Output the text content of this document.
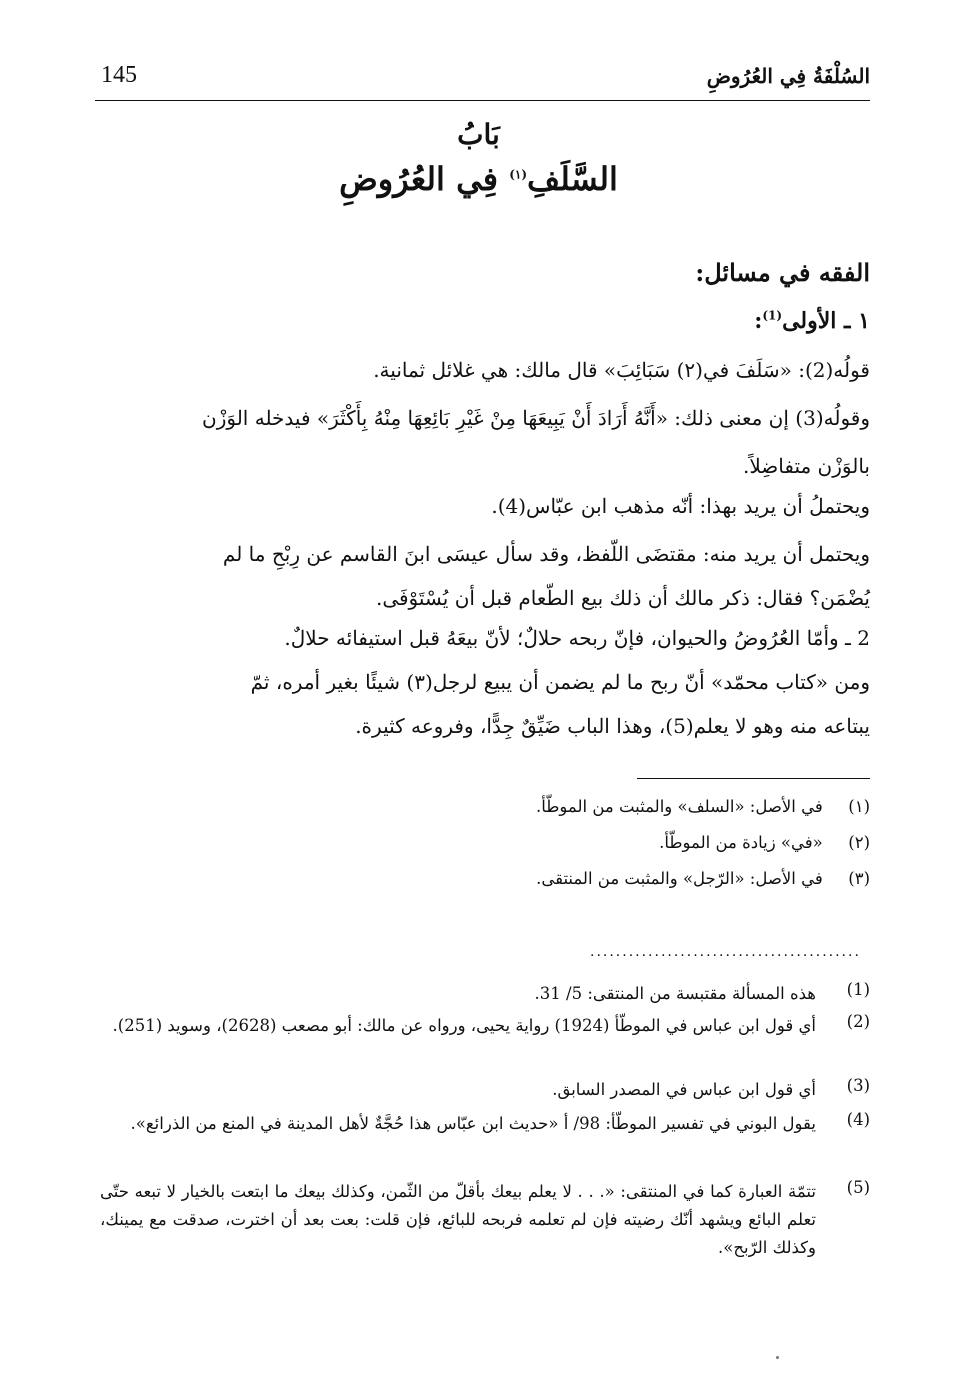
145	السُلْفَةُ فِي العُرُوضِ
بَابُ
السَّلَفِ$^{(١)}$ فِي العُرُوضِ
الفقه في مسائل:
١ ـ الأولى$^{(1)}$:
قولُه(2): «سَلَفَ في(٢) سَبَائِبَ» قال مالك: هي غلائل ثمانية.
وقولُه(3) إن معنى ذلك: «أَنَّهُ أَرَادَ أَنْ يَبِيعَهَا مِنْ غَيْرِ بَائِعِهَا مِنْهُ بِأَكْثَرَ» فيدخله الوَزْن
بالوَزْن متفاضِلاً.
ويحتملُ أن يريد بهذا: أنّه مذهب ابن عبّاس(4).
ويحتمل أن يريد منه: مقتضَى اللّفظ، وقد سأل عيسَى ابنَ القاسم عن رِبْحِ ما لم
يُضْمَن؟ فقال: ذكر مالك أن ذلك بيع الطّعام قبل أن يُسْتَوْفَى.
2 ـ وأمّا العُرُوضُ والحيوان، فإنّ ربحه حلالٌ؛ لأنّ بيعَهُ قبل استيفائه حلالٌ.
ومن «كتاب محمّد» أنّ ربح ما لم يضمن أن يبيع لرجل(٣) شيئًا بغير أمره، ثمّ
يبتاعه منه وهو لا يعلم(5)، وهذا الباب ضَيِّقٌ جِدًّا، وفروعه كثيرة.
(١) في الأصل: «السلف» والمثبت من الموطّأ.
(٢) «في» زيادة من الموطّأ.
(٣) في الأصل: «الرّجل» والمثبت من المنتقى.
..........................................
(1)
هذه المسألة مقتبسة من المنتقى: 5/ 31.
(2)
أي قول ابن عباس في الموطّأ (1924) رواية يحيى، ورواه عن مالك: أبو مصعب (2628)، وسويد (251).
(3)
أي قول ابن عباس في المصدر السابق.
(4)
يقول البوني في تفسير الموطّأ: 98/ أ «حديث ابن عبّاس هذا حُجَّةٌ لأهل المدينة في المنع من الذرائع».
(5)
تتمّة العبارة كما في المنتقى: «. . . لا يعلم بيعك بأقلّ من الثّمن، وكذلك بيعك ما ابتعت بالخيار لا تبعه حتّى تعلم البائع ويشهد أنّك رضيته فإن لم تعلمه فربحه للبائع، فإن قلت: بعت بعد أن اخترت، صدقت مع يمينك، وكذلك الرّبح».
